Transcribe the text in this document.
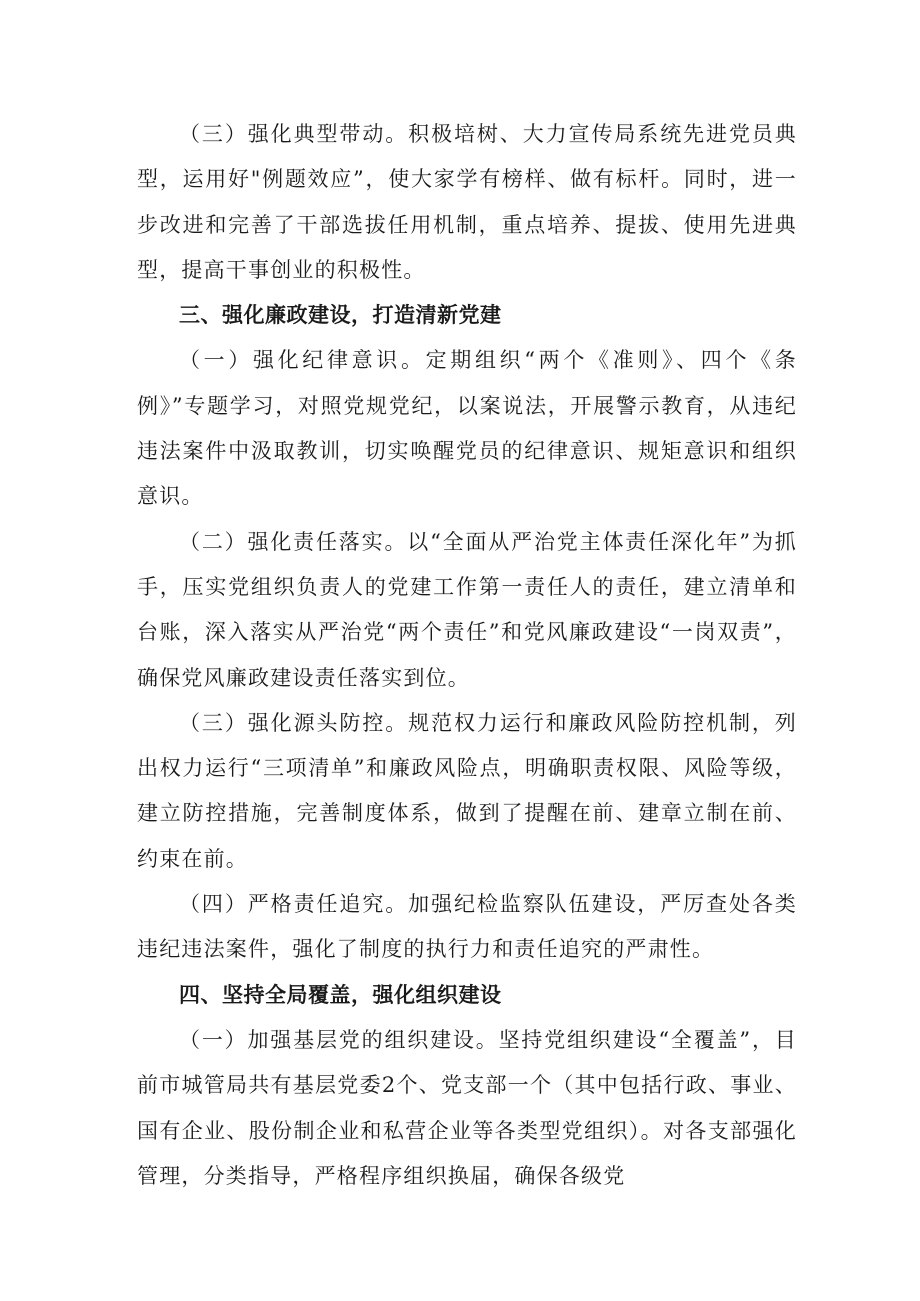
（三）强化典型带动。积极培树、大力宣传局系统先进党员典型，运用好"例题效应”，使大家学有榜样、做有标杆。同时，进一步改进和完善了干部选拔任用机制，重点培养、提拔、使用先进典型，提高干事创业的积极性。

三、强化廉政建设，打造清新党建

（一）强化纪律意识。定期组织“两个《准则》、四个《条例》”专题学习，对照党规党纪，以案说法，开展警示教育，从违纪违法案件中汲取教训，切实唤醒党员的纪律意识、规矩意识和组织意识。

（二）强化责任落实。以“全面从严治党主体责任深化年”为抓手，压实党组织负责人的党建工作第一责任人的责任，建立清单和台账，深入落实从严治党“两个责任”和党风廉政建设“一岗双责”，确保党风廉政建设责任落实到位。

（三）强化源头防控。规范权力运行和廉政风险防控机制，列出权力运行“三项清单”和廉政风险点，明确职责权限、风险等级，建立防控措施，完善制度体系，做到了提醒在前、建章立制在前、约束在前。

（四）严格责任追究。加强纪检监察队伍建设，严厉查处各类违纪违法案件，强化了制度的执行力和责任追究的严肃性。

四、坚持全局覆盖，强化组织建设

（一）加强基层党的组织建设。坚持党组织建设“全覆盖”，目前市城管局共有基层党委2个、党支部一个（其中包括行政、事业、国有企业、股份制企业和私营企业等各类型党组织）。对各支部强化管理，分类指导，严格程序组织换届，确保各级党
